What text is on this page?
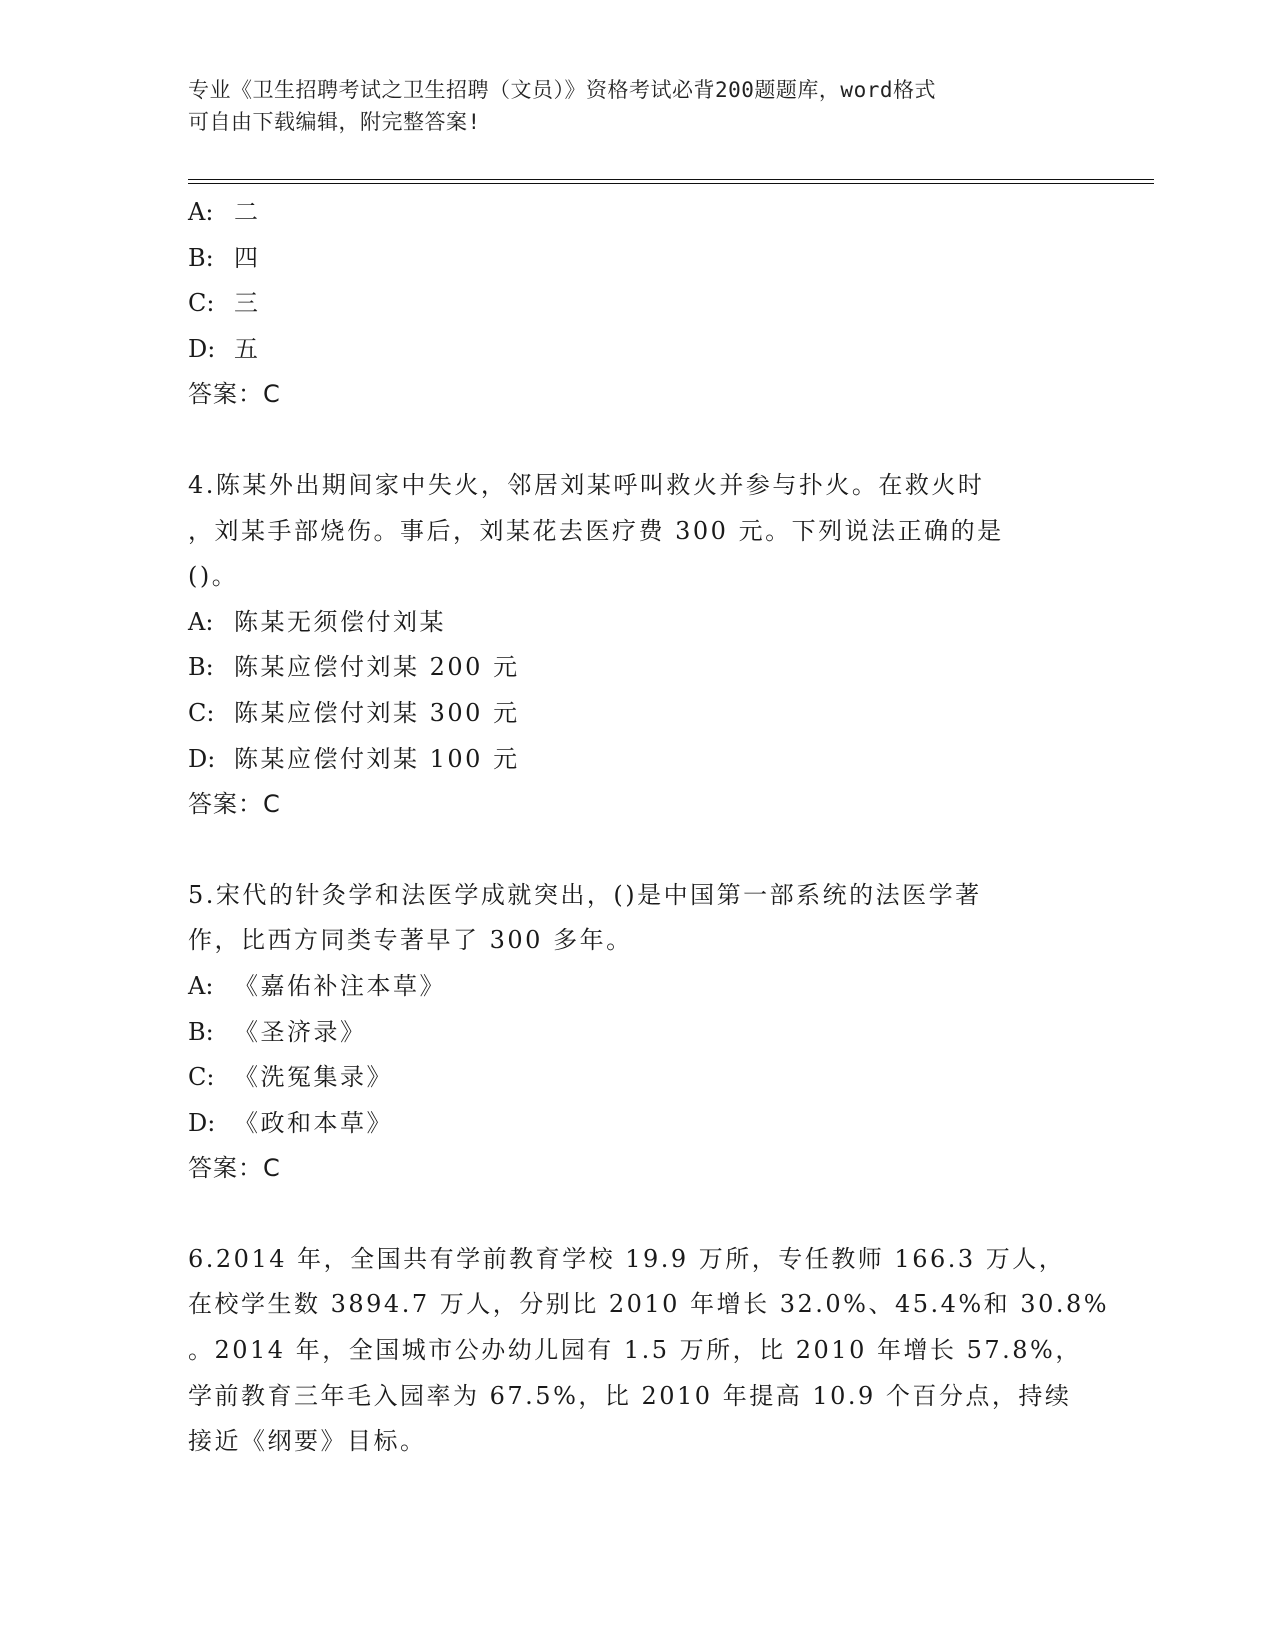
专业《卫生招聘考试之卫生招聘（文员）》资格考试必背200题题库，word格式
可自由下载编辑，附完整答案!
A: 二
B: 四
C: 三
D: 五
答案：C
4.陈某外出期间家中失火，邻居刘某呼叫救火并参与扑火。在救火时
，刘某手部烧伤。事后，刘某花去医疗费 300 元。下列说法正确的是
()。
A: 陈某无须偿付刘某
B: 陈某应偿付刘某 200 元
C: 陈某应偿付刘某 300 元
D: 陈某应偿付刘某 100 元
答案：C
5.宋代的针灸学和法医学成就突出，()是中国第一部系统的法医学著
作，比西方同类专著早了 300 多年。
A: 《嘉佑补注本草》
B: 《圣济录》
C: 《洗冤集录》
D: 《政和本草》
答案：C
6.2014 年，全国共有学前教育学校 19.9 万所，专任教师 166.3 万人，
在校学生数 3894.7 万人，分别比 2010 年增长 32.0%、45.4%和 30.8%
。2014 年，全国城市公办幼儿园有 1.5 万所，比 2010 年增长 57.8%，
学前教育三年毛入园率为 67.5%，比 2010 年提高 10.9 个百分点，持续
接近《纲要》目标。
